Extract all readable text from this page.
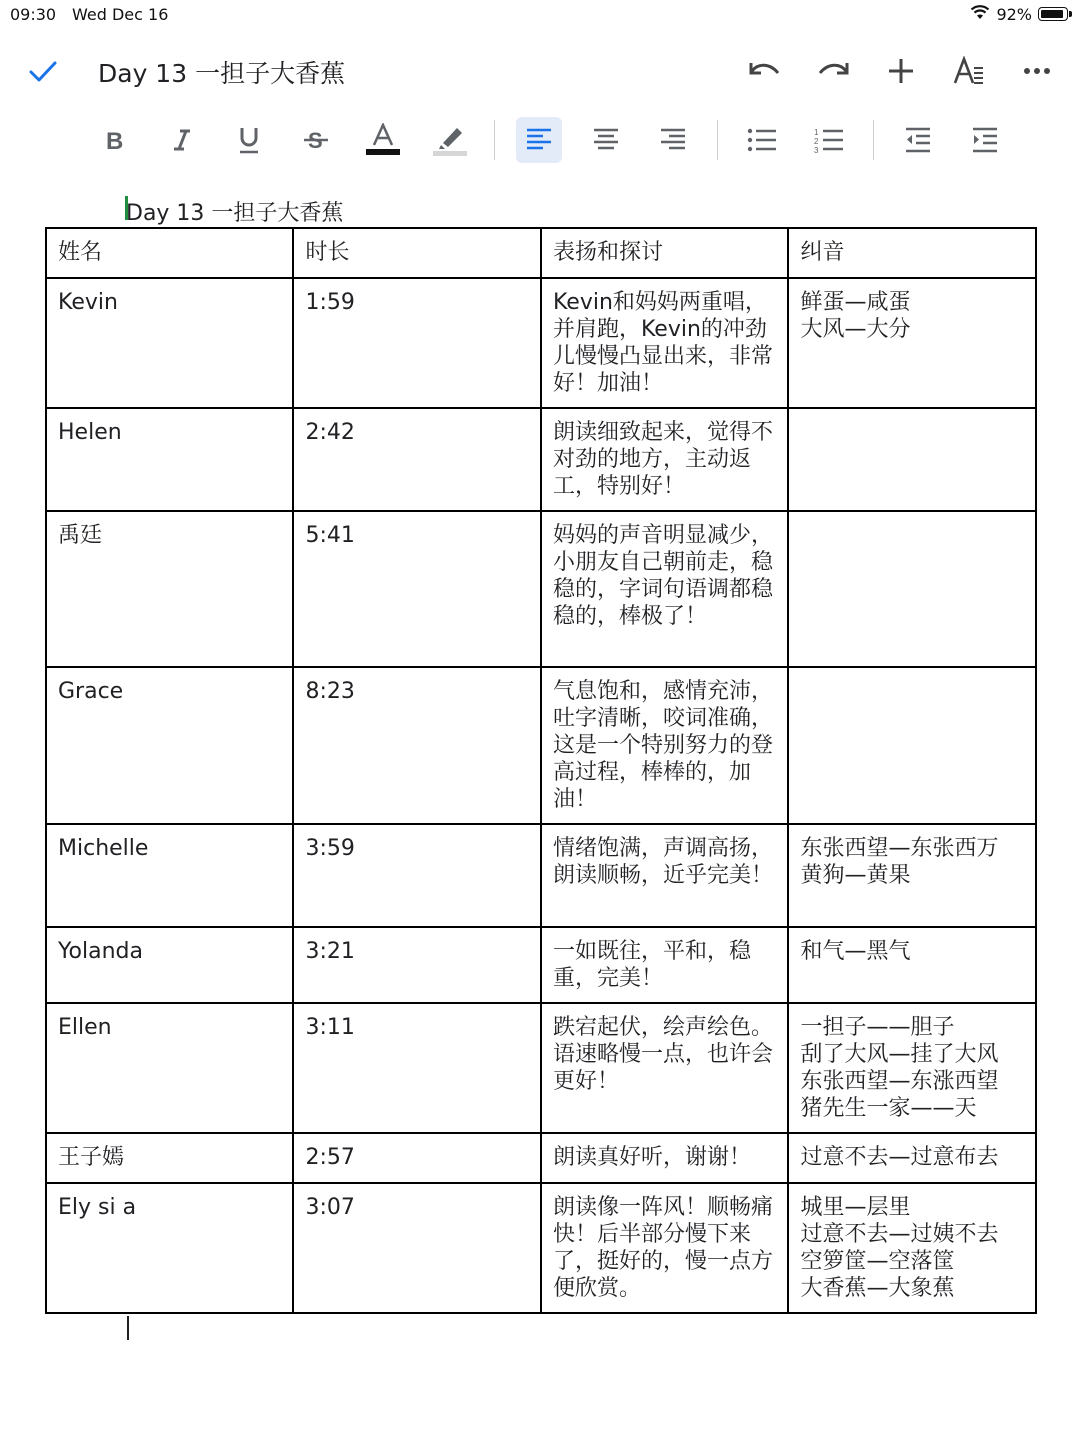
09:30 Wed Dec 16	92%
Day 13 一担子大香蕉
B	S	1
2
3
Day 13 一担子大香蕉
姓名	时长	表扬和探讨	纠音
Kevin	1:59	Kevin和妈妈两重唱，并肩跑，Kevin的冲劲儿慢慢凸显出来，非常好！加油！	鲜蛋—咸蛋
大风—大分
Helen	2:42	朗读细致起来，觉得不对劲的地方，主动返工，特别好！	
禹廷	5:41	妈妈的声音明显减少，小朋友自己朝前走，稳稳的，字词句语调都稳稳的，棒极了！	
Grace	8:23	气息饱和，感情充沛，吐字清晰，咬词准确，这是一个特别努力的登高过程，棒棒的，加油！	
Michelle	3:59	情绪饱满，声调高扬，朗读顺畅，近乎完美！	东张西望—东张西万
黄狗—黄果
Yolanda	3:21	一如既往，平和，稳重，完美！	和气—黑气
Ellen	3:11	跌宕起伏，绘声绘色。语速略慢一点，也许会更好！	一担子——胆子
刮了大风—挂了大风
东张西望—东涨西望
猪先生一家——天
王子嫣	2:57	朗读真好听，谢谢！	过意不去—过意布去
Ely si a	3:07	朗读像一阵风！顺畅痛快！后半部分慢下来了，挺好的，慢一点方便欣赏。	城里—层里
过意不去—过姨不去
空箩筐—空落筐
大香蕉—大象蕉
